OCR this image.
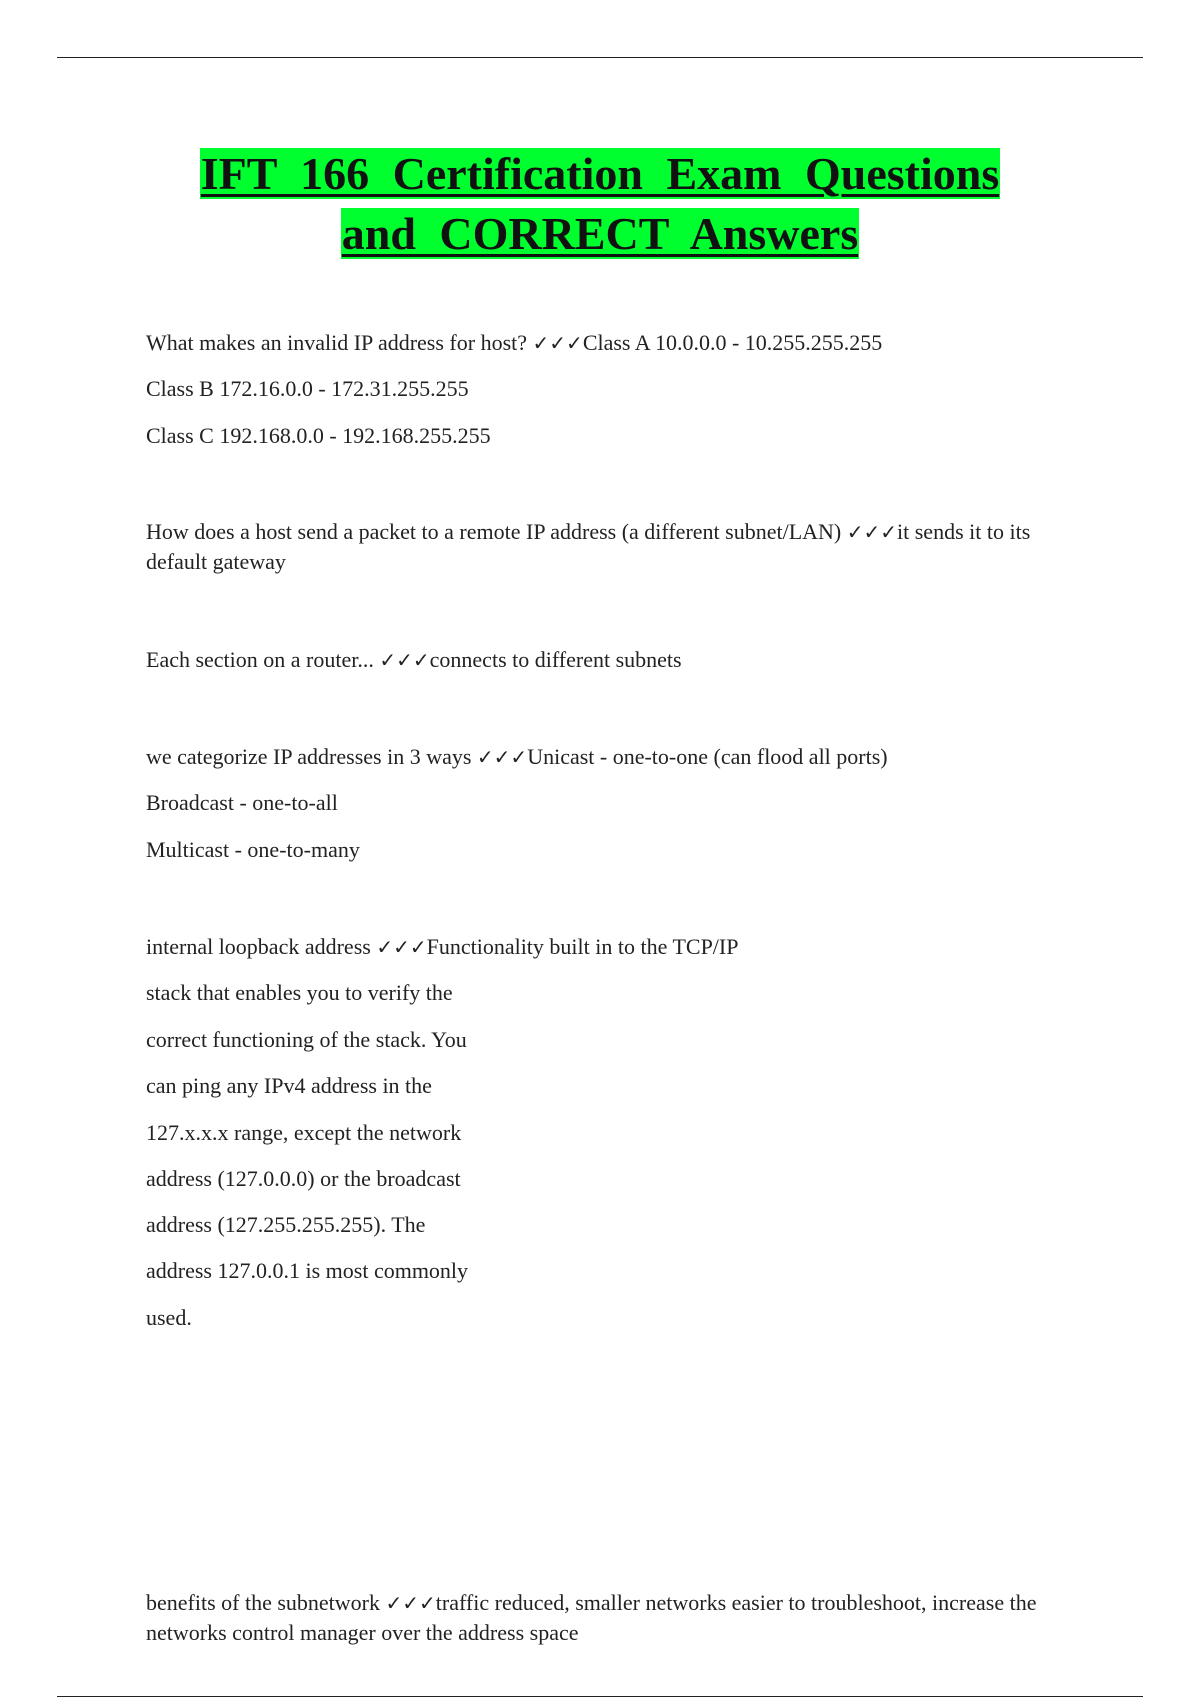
IFT 166 Certification Exam Questions
and CORRECT Answers

What makes an invalid IP address for host? ✓✓✓Class A 10.0.0.0 - 10.255.255.255

Class B 172.16.0.0 - 172.31.255.255

Class C 192.168.0.0 - 192.168.255.255

How does a host send a packet to a remote IP address (a different subnet/LAN) ✓✓✓it sends it to its default gateway

Each section on a router... ✓✓✓connects to different subnets

we categorize IP addresses in 3 ways ✓✓✓Unicast - one-to-one (can flood all ports)

Broadcast - one-to-all

Multicast - one-to-many

internal loopback address ✓✓✓Functionality built in to the TCP/IP

stack that enables you to verify the

correct functioning of the stack. You

can ping any IPv4 address in the

127.x.x.x range, except the network

address (127.0.0.0) or the broadcast

address (127.255.255.255). The

address 127.0.0.1 is most commonly

used.

benefits of the subnetwork ✓✓✓traffic reduced, smaller networks easier to troubleshoot, increase the networks control manager over the address space
